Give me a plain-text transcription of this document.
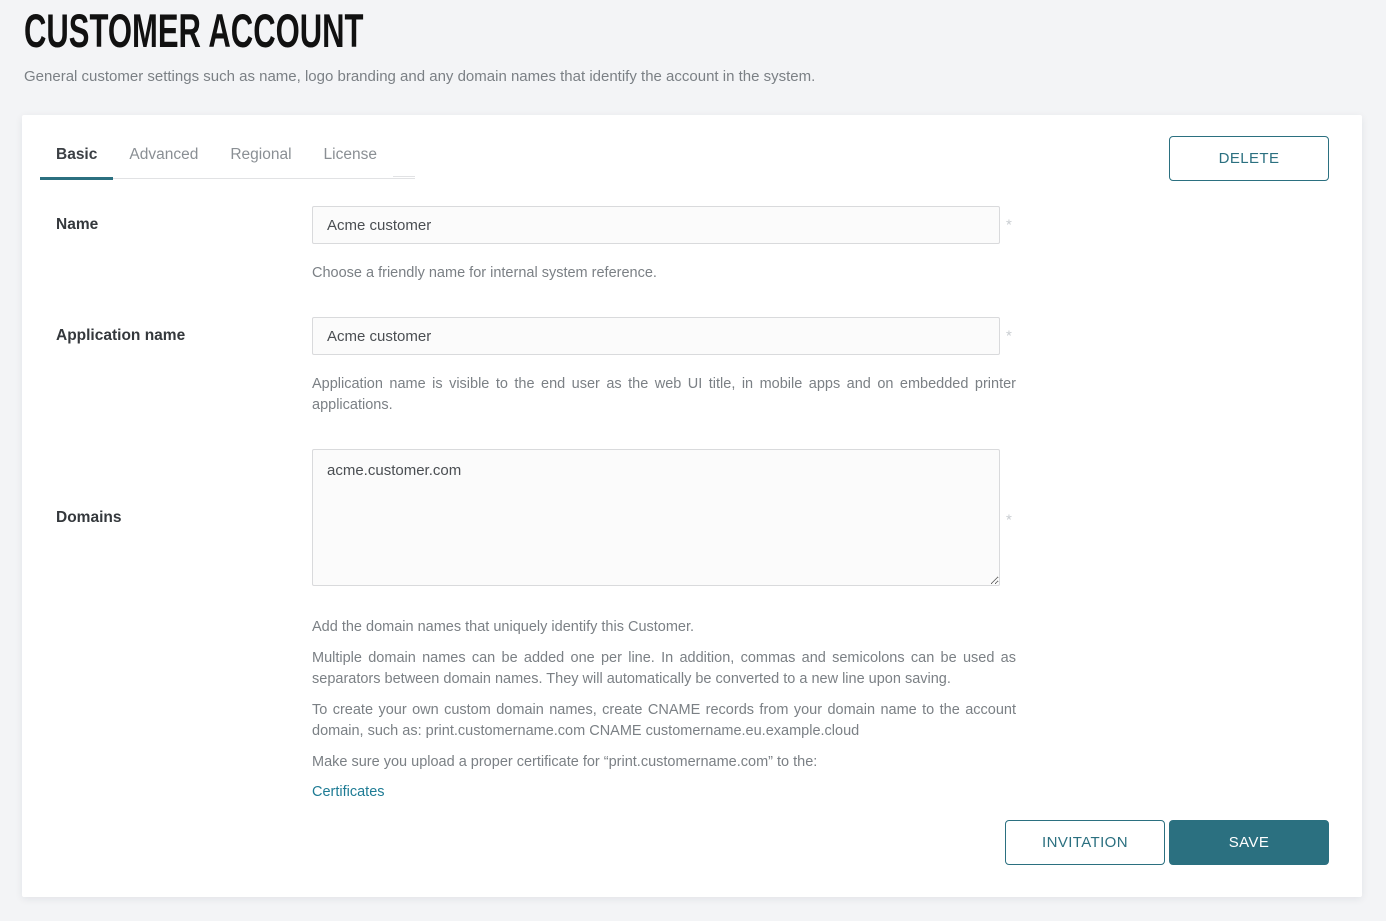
CUSTOMER ACCOUNT
General customer settings such as name, logo branding and any domain names that identify the account in the system.
Basic	Advanced	Regional	License	DELETE
Name
Acme customer	*
Choose a friendly name for internal system reference.
Application name
Acme customer	*
Application name is visible to the end user as the web UI title, in mobile apps and on embedded printer applications.
Domains
acme.customer.com	*

Add the domain names that uniquely identify this Customer.

Multiple domain names can be added one per line. In addition, commas and semicolons can be used as separators between domain names. They will automatically be converted to a new line upon saving.

To create your own custom domain names, create CNAME records from your domain name to the account domain, such as: print.customername.com CNAME customername.eu.example.cloud

Make sure you upload a proper certificate for “print.customername.com” to the:

Certificates
INVITATION	SAVE
